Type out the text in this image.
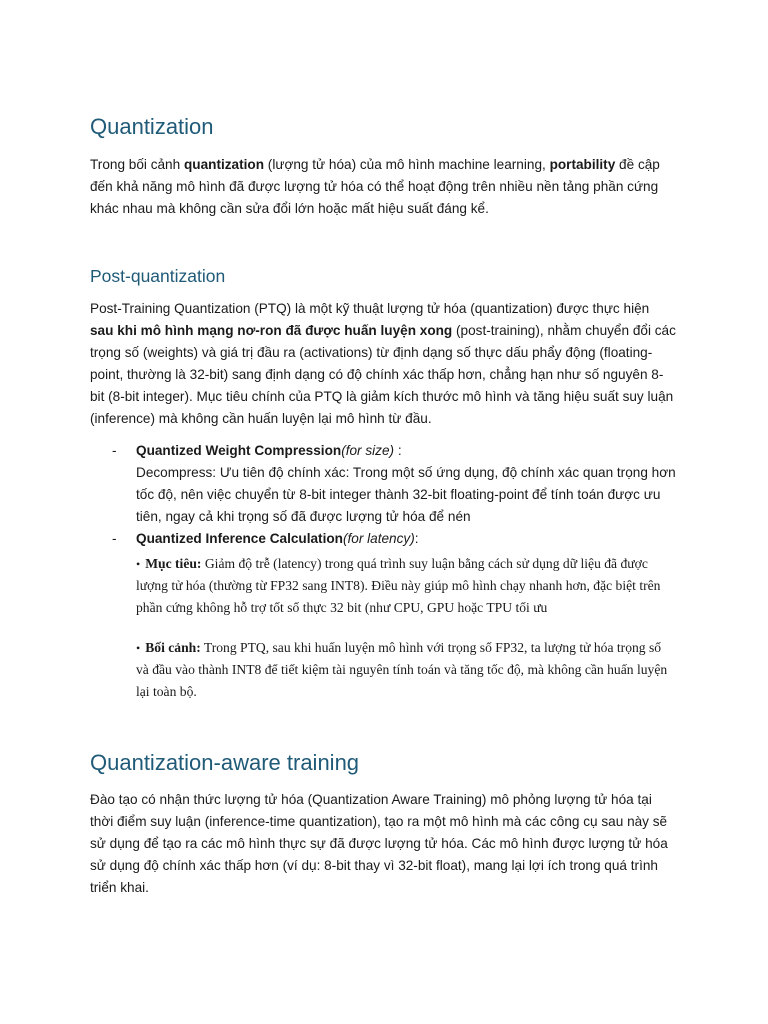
Quantization

Trong bối cảnh quantization (lượng tử hóa) của mô hình machine learning, portability đề cập đến khả năng mô hình đã được lượng tử hóa có thể hoạt động trên nhiều nền tảng phần cứng khác nhau mà không cần sửa đổi lớn hoặc mất hiệu suất đáng kể.

Post-quantization

Post-Training Quantization (PTQ) là một kỹ thuật lượng tử hóa (quantization) được thực hiện sau khi mô hình mạng nơ-ron đã được huấn luyện xong (post-training), nhằm chuyển đổi các trọng số (weights) và giá trị đầu ra (activations) từ định dạng số thực dấu phẩy động (floating-point, thường là 32-bit) sang định dạng có độ chính xác thấp hơn, chẳng hạn như số nguyên 8-bit (8-bit integer). Mục tiêu chính của PTQ là giảm kích thước mô hình và tăng hiệu suất suy luận (inference) mà không cần huấn luyện lại mô hình từ đầu.

- Quantized Weight Compression(for size) :
Decompress: Ưu tiên độ chính xác: Trong một số ứng dụng, độ chính xác quan trọng hơn tốc độ, nên việc chuyển từ 8-bit integer thành 32-bit floating-point để tính toán được ưu tiên, ngay cả khi trọng số đã được lượng tử hóa để nén
- Quantized Inference Calculation(for latency):

• Mục tiêu: Giảm độ trễ (latency) trong quá trình suy luận bằng cách sử dụng dữ liệu đã được lượng tử hóa (thường từ FP32 sang INT8). Điều này giúp mô hình chạy nhanh hơn, đặc biệt trên phần cứng không hỗ trợ tốt số thực 32 bit (như CPU, GPU hoặc TPU tối ưu

• Bối cảnh: Trong PTQ, sau khi huấn luyện mô hình với trọng số FP32, ta lượng tử hóa trọng số và đầu vào thành INT8 để tiết kiệm tài nguyên tính toán và tăng tốc độ, mà không cần huấn luyện lại toàn bộ.

Quantization-aware training

Đào tạo có nhận thức lượng tử hóa (Quantization Aware Training) mô phỏng lượng tử hóa tại thời điểm suy luận (inference-time quantization), tạo ra một mô hình mà các công cụ sau này sẽ sử dụng để tạo ra các mô hình thực sự đã được lượng tử hóa. Các mô hình được lượng tử hóa sử dụng độ chính xác thấp hơn (ví dụ: 8-bit thay vì 32-bit float), mang lại lợi ích trong quá trình triển khai.
